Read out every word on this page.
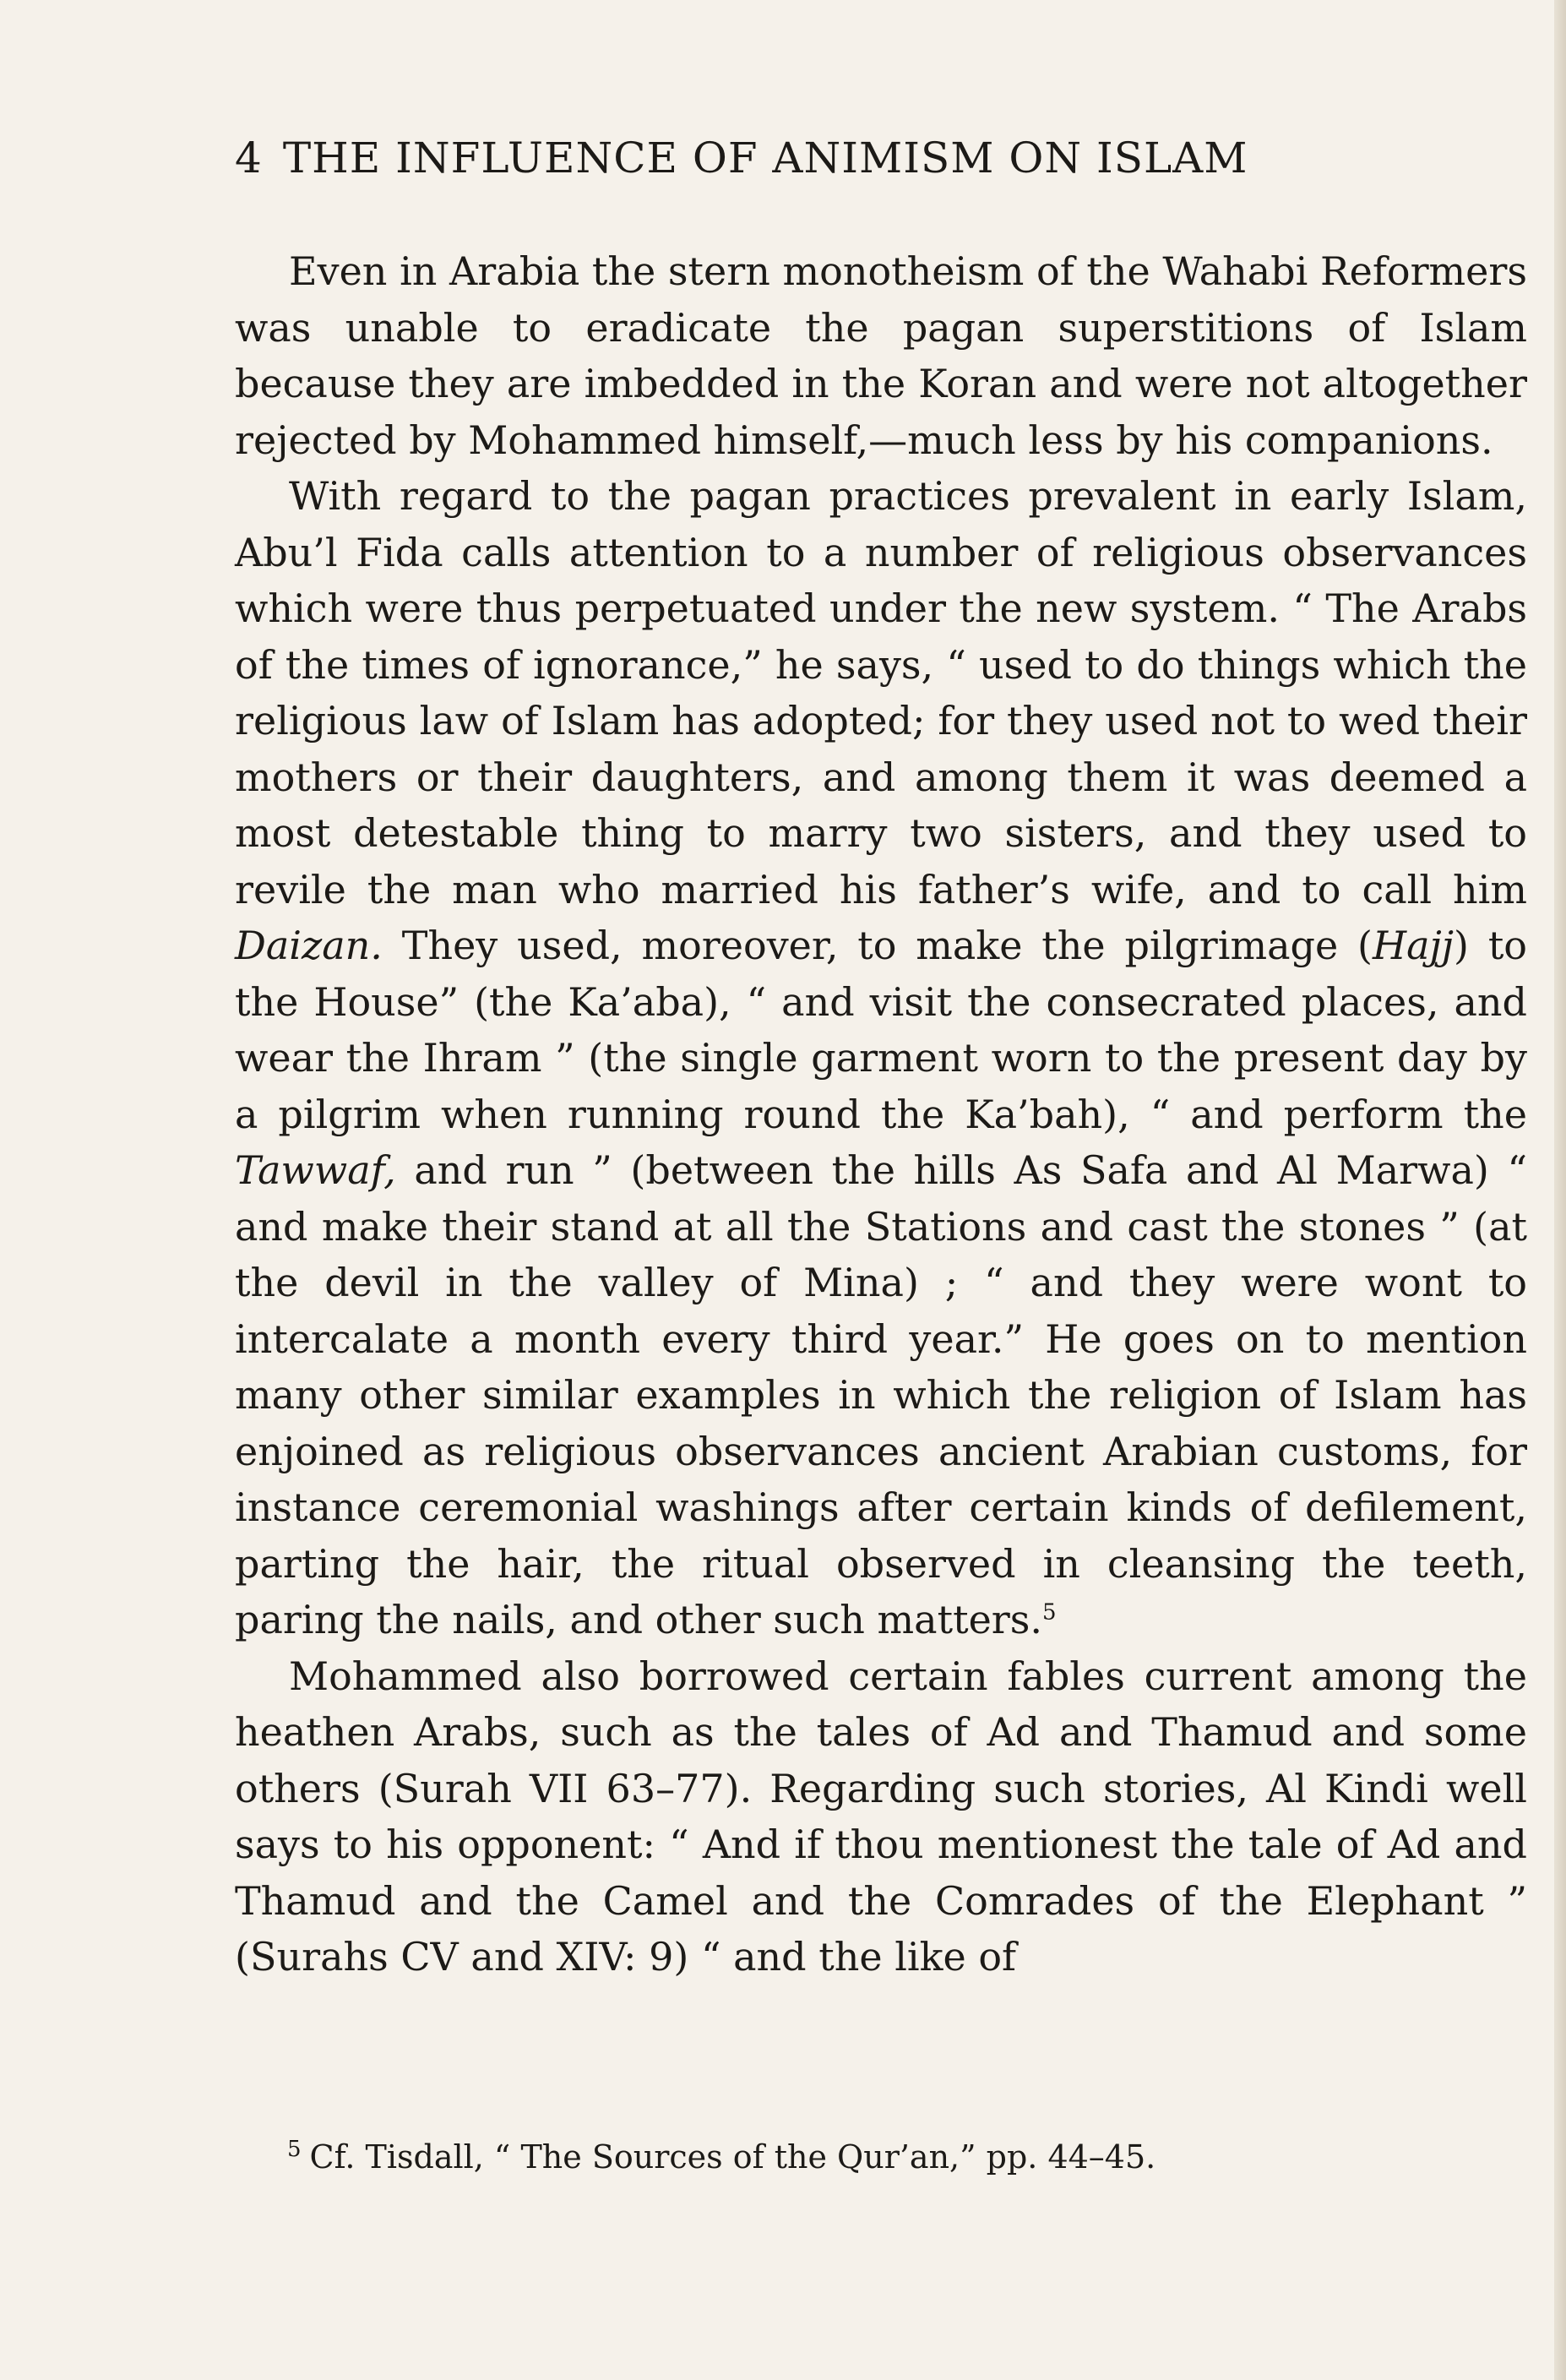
4 THE INFLUENCE OF ANIMISM ON ISLAM

Even in Arabia the stern monotheism of the Wahabi Reformers was unable to eradicate the pagan superstitions of Islam because they are imbedded in the Koran and were not altogether rejected by Mohammed himself,—much less by his companions.

With regard to the pagan practices prevalent in early Islam, Abu’l Fida calls attention to a number of religious observances which were thus perpetuated under the new system. “ The Arabs of the times of ignorance,” he says, “ used to do things which the religious law of Islam has adopted; for they used not to wed their mothers or their daughters, and among them it was deemed a most detestable thing to marry two sisters, and they used to revile the man who married his father’s wife, and to call him Daizan. They used, moreover, to make the pilgrimage (Hajj) to the House” (the Ka’aba), “ and visit the consecrated places, and wear the Ihram ” (the single garment worn to the present day by a pilgrim when running round the Ka’bah), “ and perform the Tawwaf, and run ” (between the hills As Safa and Al Marwa) “ and make their stand at all the Stations and cast the stones ” (at the devil in the valley of Mina) ; “ and they were wont to intercalate a month every third year.” He goes on to mention many other similar examples in which the religion of Islam has enjoined as religious observances ancient Arabian customs, for instance ceremonial washings after certain kinds of defilement, parting the hair, the ritual observed in cleansing the teeth, paring the nails, and other such matters.$^5$

Mohammed also borrowed certain fables current among the heathen Arabs, such as the tales of Ad and Thamud and some others (Surah VII 63–77). Regarding such stories, Al Kindi well says to his opponent: “ And if thou mentionest the tale of Ad and Thamud and the Camel and the Comrades of the Elephant ” (Surahs CV and XIV: 9) “ and the like of

$^5$ Cf. Tisdall, “ The Sources of the Qur’an,” pp. 44–45.
